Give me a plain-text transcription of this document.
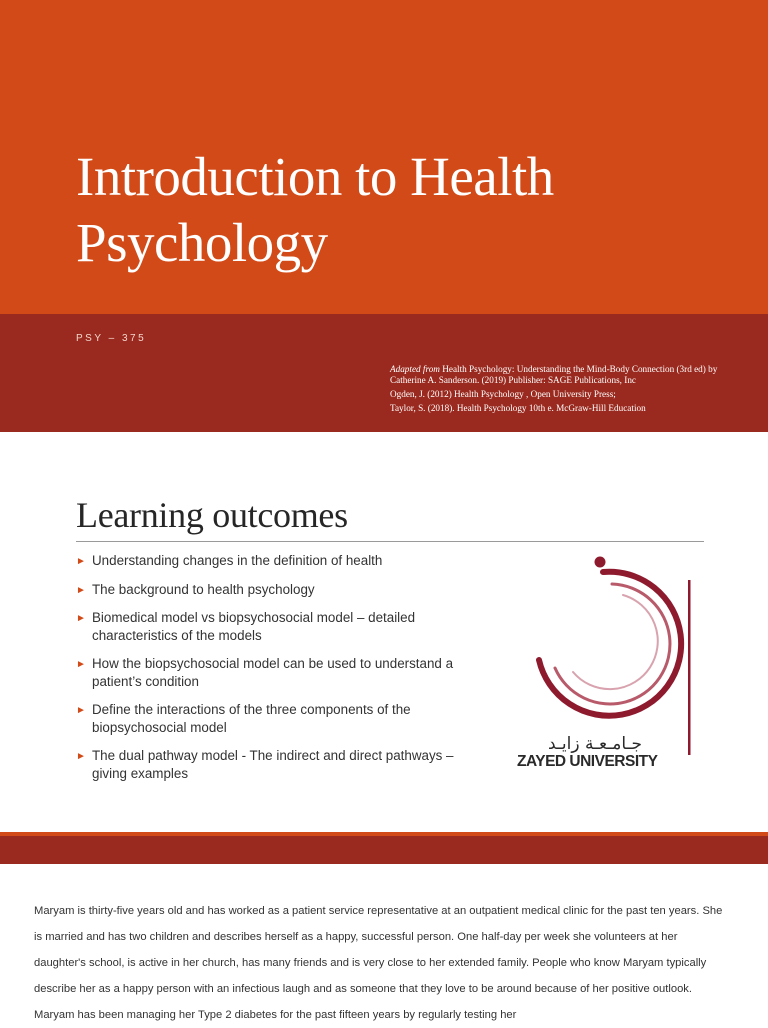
Introduction to Health Psychology
PSY – 375

Adapted from Health Psychology: Understanding the Mind-Body Connection (3rd ed) by Catherine A. Sanderson. (2019) Publisher: SAGE Publications, Inc

Ogden, J. (2012) Health Psychology , Open University Press;

Taylor, S. (2018). Health Psychology 10th e. McGraw-Hill Education

Learning outcomes
► Understanding changes in the definition of health
► The background to health psychology
► Biomedical model vs biopsychosocial model – detailed characteristics of the models
► How the biopsychosocial model can be used to understand a patient’s condition
► Define the interactions of the three components of the biopsychosocial model
► The dual pathway model - The indirect and direct pathways –giving examples
جـامـعـة زايـد
ZAYED UNIVERSITY

Maryam is thirty-five years old and has worked as a patient service representative at an outpatient medical clinic for the past ten years. She is married and has two children and describes herself as a happy, successful person. One half-day per week she volunteers at her daughter's school, is active in her church, has many friends and is very close to her extended family. People who know Maryam typically describe her as a happy person with an infectious laugh and as someone that they love to be around because of her positive outlook. Maryam has been managing her Type 2 diabetes for the past fifteen years by regularly testing her
